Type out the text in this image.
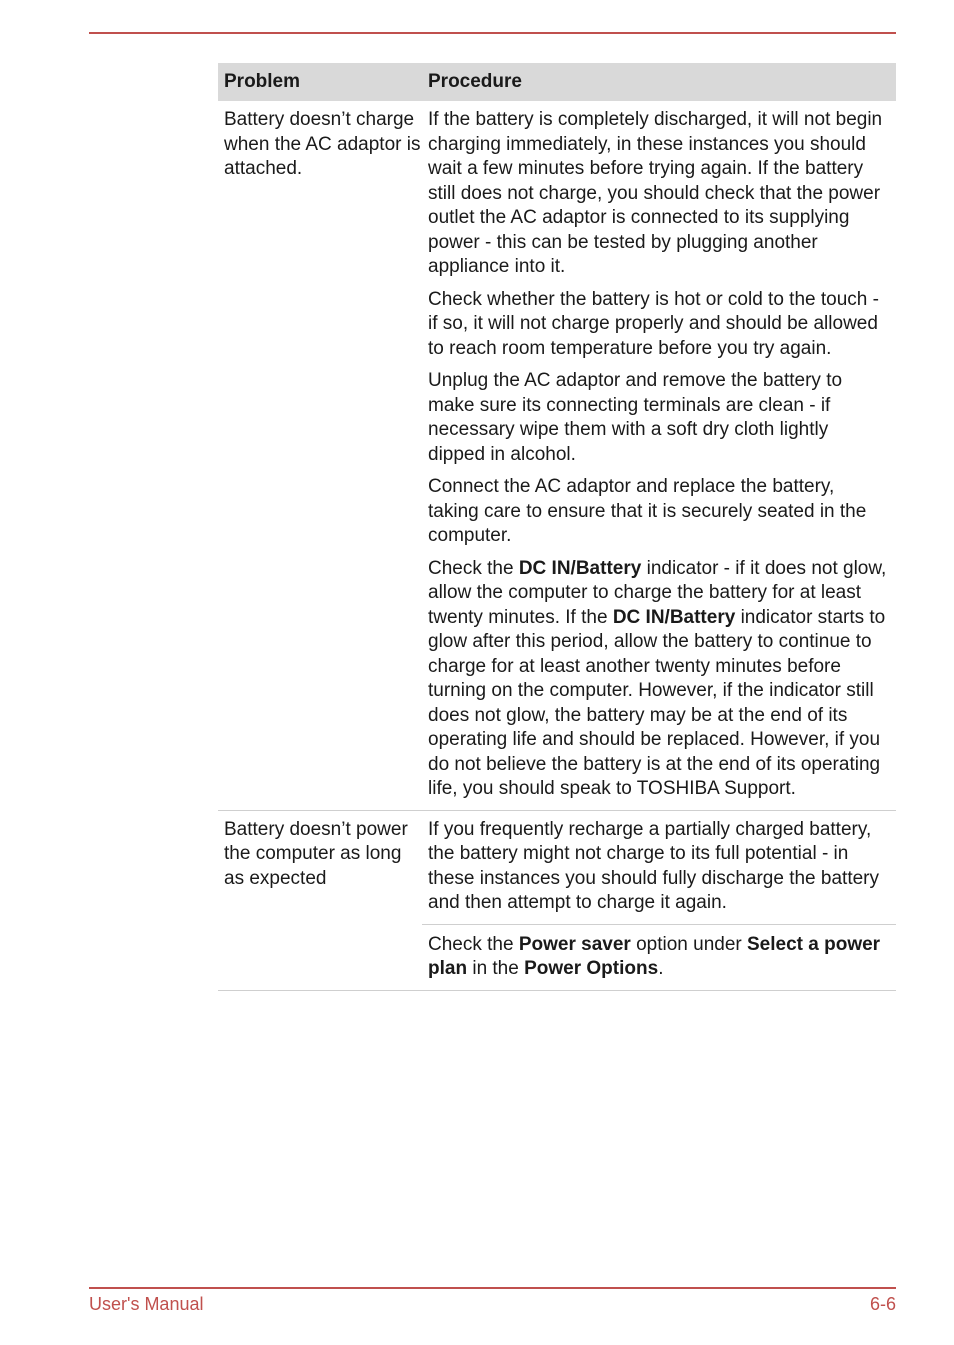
Problem	Procedure
Battery doesn’t charge when the AC adaptor is attached.

If the battery is completely discharged, it will not begin charging immediately, in these instances you should wait a few minutes before trying again. If the battery still does not charge, you should check that the power outlet the AC adaptor is connected to its supplying power - this can be tested by plugging another appliance into it.

Check whether the battery is hot or cold to the touch - if so, it will not charge properly and should be allowed to reach room temperature before you try again.

Unplug the AC adaptor and remove the battery to make sure its connecting terminals are clean - if necessary wipe them with a soft dry cloth lightly dipped in alcohol.

Connect the AC adaptor and replace the battery, taking care to ensure that it is securely seated in the computer.

Check the DC IN/Battery indicator - if it does not glow, allow the computer to charge the battery for at least twenty minutes. If the DC IN/Battery indicator starts to glow after this period, allow the battery to continue to charge for at least another twenty minutes before turning on the computer. However, if the indicator still does not glow, the battery may be at the end of its operating life and should be replaced. However, if you do not believe the battery is at the end of its operating life, you should speak to TOSHIBA Support.

Battery doesn’t power the computer as long as expected

If you frequently recharge a partially charged battery, the battery might not charge to its full potential - in these instances you should fully discharge the battery and then attempt to charge it again.

Check the Power saver option under Select a power plan in the Power Options.

User's Manual	6-6
